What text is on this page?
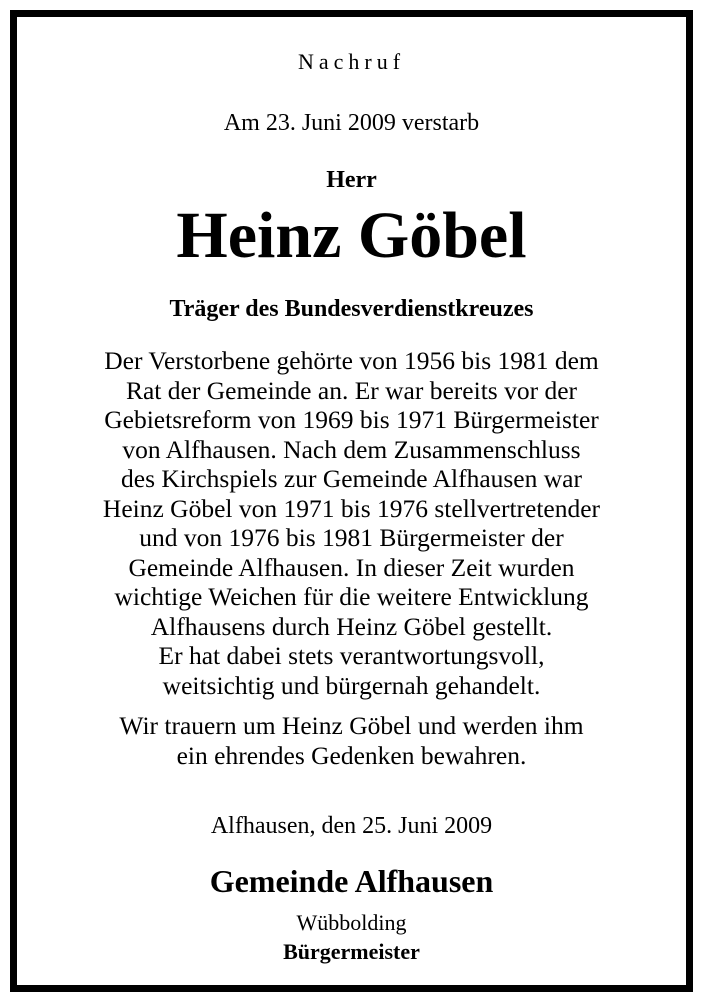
Nachruf
Am 23. Juni 2009 verstarb
Herr
Heinz Göbel
Träger des Bundesverdienstkreuzes
Der Verstorbene gehörte von 1956 bis 1981 dem
Rat der Gemeinde an. Er war bereits vor der
Gebietsreform von 1969 bis 1971 Bürgermeister
von Alfhausen. Nach dem Zusammenschluss
des Kirchspiels zur Gemeinde Alfhausen war
Heinz Göbel von 1971 bis 1976 stellvertretender
und von 1976 bis 1981 Bürgermeister der
Gemeinde Alfhausen. In dieser Zeit wurden
wichtige Weichen für die weitere Entwicklung
Alfhausens durch Heinz Göbel gestellt.
Er hat dabei stets verantwortungsvoll,
weitsichtig und bürgernah gehandelt.
Wir trauern um Heinz Göbel und werden ihm
ein ehrendes Gedenken bewahren.
Alfhausen, den 25. Juni 2009
Gemeinde Alfhausen
Wübbolding
Bürgermeister
